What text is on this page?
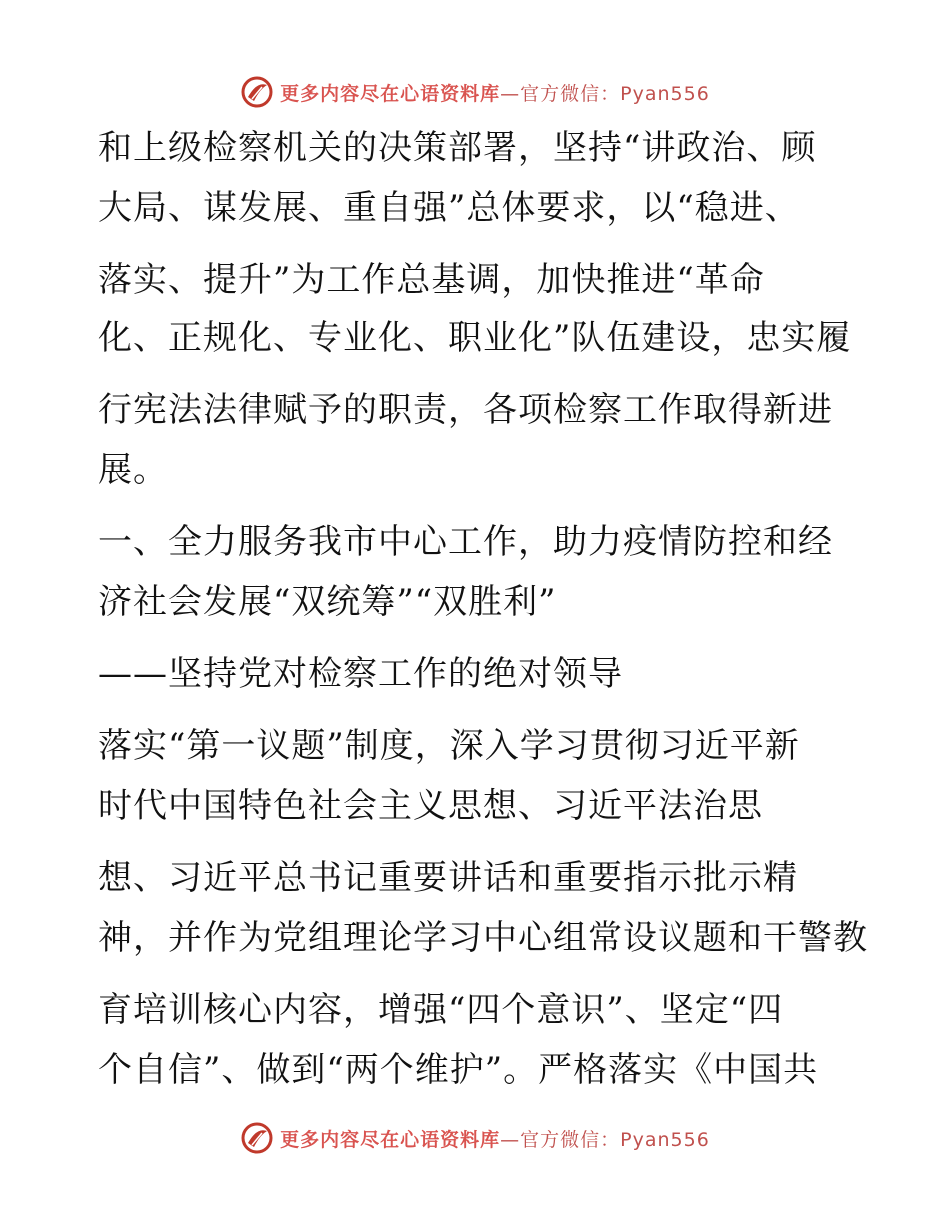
更多内容尽在心语资料库 —官方微信：Pyan556

和上级检察机关的决策部署，坚持“讲政治、顾

大局、谋发展、重自强”总体要求，以“稳进、

落实、提升”为工作总基调，加快推进“革命

化、正规化、专业化、职业化”队伍建设，忠实履

行宪法法律赋予的职责，各项检察工作取得新进

展。

一、全力服务我市中心工作，助力疫情防控和经

济社会发展“双统筹”“双胜利”

——坚持党对检察工作的绝对领导

落实“第一议题”制度，深入学习贯彻习近平新

时代中国特色社会主义思想、习近平法治思

想、习近平总书记重要讲话和重要指示批示精

神，并作为党组理论学习中心组常设议题和干警教

育培训核心内容，增强“四个意识”、坚定“四

个自信”、做到“两个维护”。严格落实《中国共

更多内容尽在心语资料库 —官方微信：Pyan556
